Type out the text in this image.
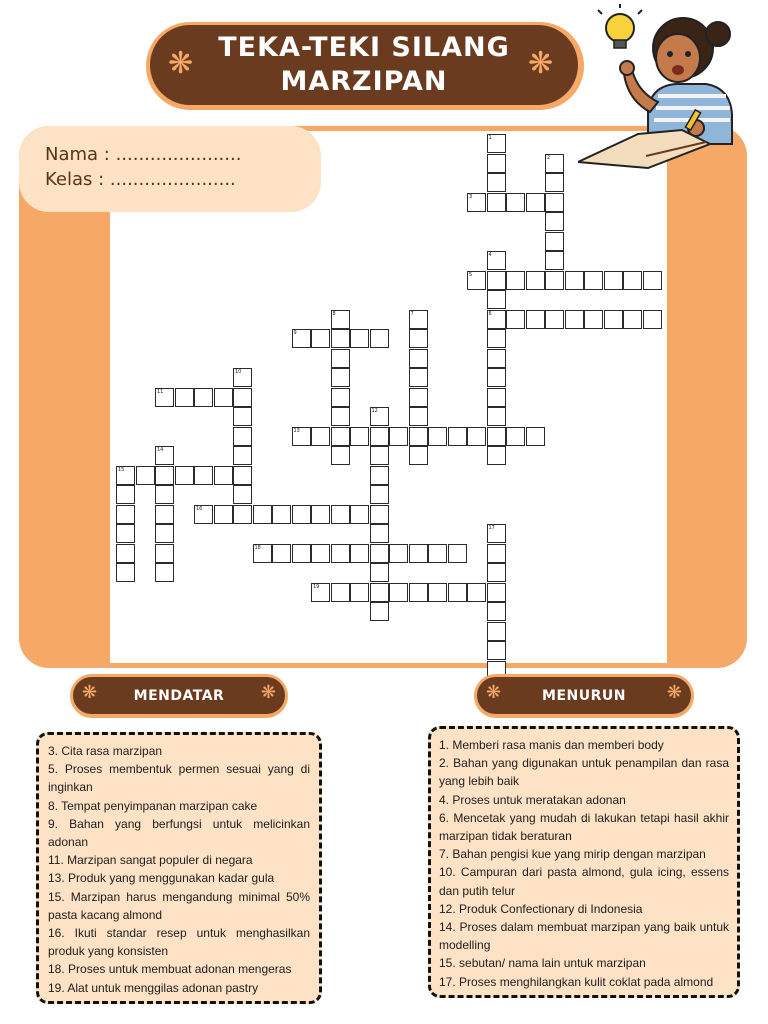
TEKA-TEKI SILANG
MARZIPAN
❋	❋
Nama : ......................
Kelas : ......................
1
2
3
4
6
5
7
8
9
10
11
12
13
14
15
16
17
18
19
MENDATAR
❋	❋	MENURUN
❋	❋
3. Cita rasa marzipan
5. Proses membentuk permen sesuai yang di inginkan
8. Tempat penyimpanan marzipan cake
9. Bahan yang berfungsi untuk melicinkan adonan
11. Marzipan sangat populer di negara
13. Produk yang menggunakan kadar gula
15. Marzipan harus mengandung minimal 50% pasta kacang almond
16. Ikuti standar resep untuk menghasilkan produk yang konsisten
18. Proses untuk membuat adonan mengeras
19. Alat untuk menggilas adonan pastry
1. Memberi rasa manis dan memberi body
2. Bahan yang digunakan untuk penampilan dan rasa yang lebih baik
4. Proses untuk meratakan adonan
6. Mencetak yang mudah di lakukan tetapi hasil akhir marzipan tidak beraturan
7. Bahan pengisi kue yang mirip dengan marzipan
10. Campuran dari pasta almond, gula icing, essens dan putih telur
12. Produk Confectionary di Indonesia
14. Proses dalam membuat marzipan yang baik untuk modelling
15. sebutan/ nama lain untuk marzipan
17. Proses menghilangkan kulit coklat pada almond
